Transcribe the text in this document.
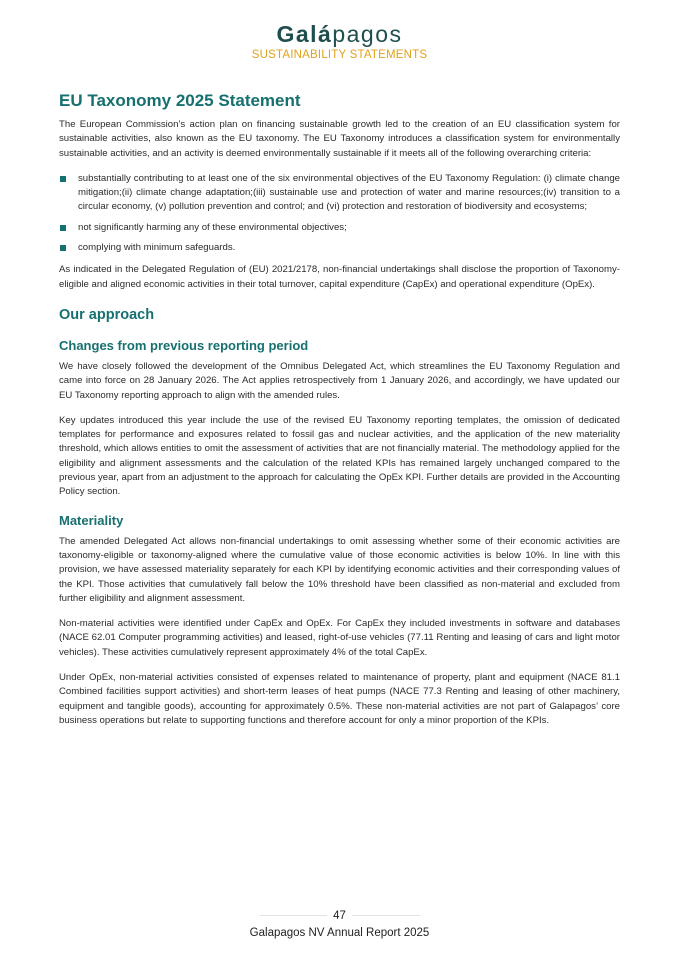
Galápagos
SUSTAINABILITY STATEMENTS
EU Taxonomy 2025 Statement

The European Commission’s action plan on financing sustainable growth led to the creation of an EU classification system for sustainable activities, also known as the EU taxonomy. The EU Taxonomy introduces a classification system for environmentally sustainable activities, and an activity is deemed environmentally sustainable if it meets all of the following overarching criteria:

substantially contributing to at least one of the six environmental objectives of the EU Taxonomy Regulation: (i) climate change mitigation;(ii) climate change adaptation;(iii) sustainable use and protection of water and marine resources;(iv) transition to a circular economy, (v) pollution prevention and control; and (vi) protection and restoration of biodiversity and ecosystems;
not significantly harming any of these environmental objectives;
complying with minimum safeguards.

As indicated in the Delegated Regulation of (EU) 2021/2178, non-financial undertakings shall disclose the proportion of Taxonomy-eligible and aligned economic activities in their total turnover, capital expenditure (CapEx) and operational expenditure (OpEx).

Our approach
Changes from previous reporting period

We have closely followed the development of the Omnibus Delegated Act, which streamlines the EU Taxonomy Regulation and came into force on 28 January 2026. The Act applies retrospectively from 1 January 2026, and accordingly, we have updated our EU Taxonomy reporting approach to align with the amended rules.

Key updates introduced this year include the use of the revised EU Taxonomy reporting templates, the omission of dedicated templates for performance and exposures related to fossil gas and nuclear activities, and the application of the new materiality threshold, which allows entities to omit the assessment of activities that are not financially material. The methodology applied for the eligibility and alignment assessments and the calculation of the related KPIs has remained largely unchanged compared to the previous year, apart from an adjustment to the approach for calculating the OpEx KPI. Further details are provided in the Accounting Policy section.

Materiality

The amended Delegated Act allows non-financial undertakings to omit assessing whether some of their economic activities are taxonomy-eligible or taxonomy-aligned where the cumulative value of those economic activities is below 10%. In line with this provision, we have assessed materiality separately for each KPI by identifying economic activities and their corresponding values of the KPI. Those activities that cumulatively fall below the 10% threshold have been classified as non-material and excluded from further eligibility and alignment assessment.

Non-material activities were identified under CapEx and OpEx. For CapEx they included investments in software and databases (NACE 62.01 Computer programming activities) and leased, right-of-use vehicles (77.11 Renting and leasing of cars and light motor vehicles). These activities cumulatively represent approximately 4% of the total CapEx.

Under OpEx, non-material activities consisted of expenses related to maintenance of property, plant and equipment (NACE 81.1 Combined facilities support activities) and short-term leases of heat pumps (NACE 77.3 Renting and leasing of other machinery, equipment and tangible goods), accounting for approximately 0.5%. These non-material activities are not part of Galapagos’ core business operations but relate to supporting functions and therefore account for only a minor proportion of the KPIs.

47
Galapagos NV Annual Report 2025
